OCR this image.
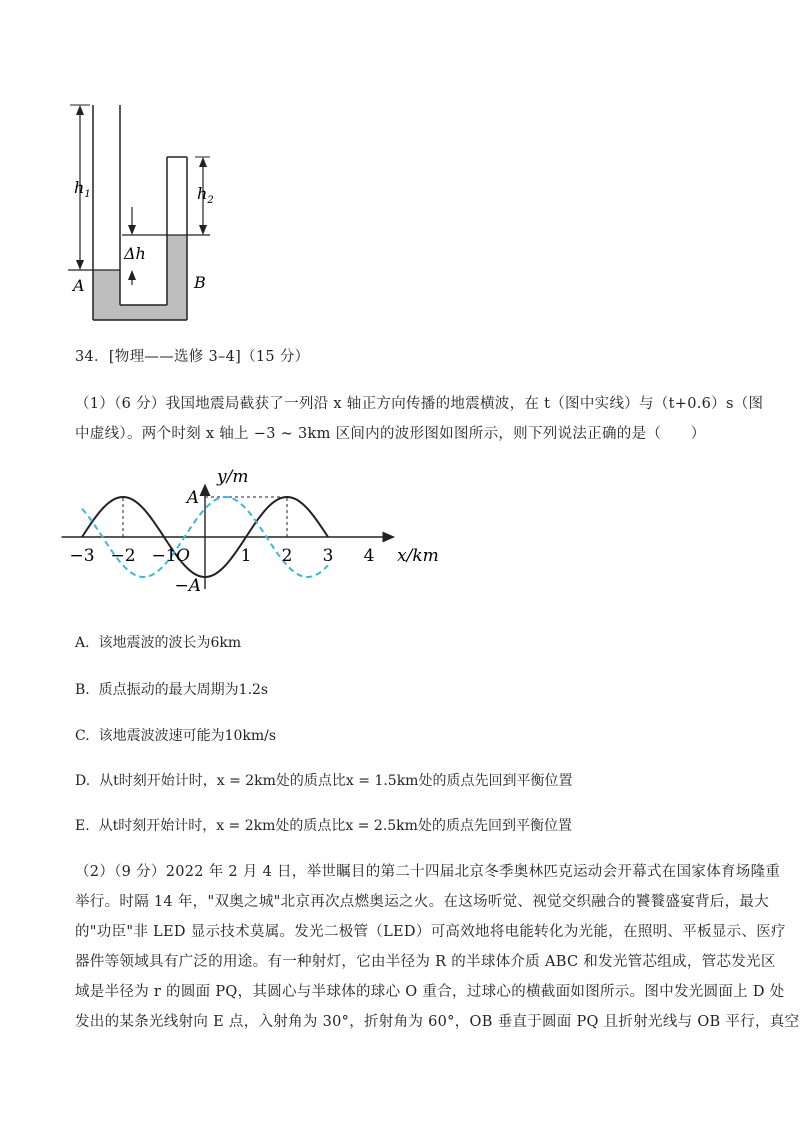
$h_1$	$h_2$
Δh
A	B
34．[物理——选修 3–4]（15 分）
（1）（6 分）我国地震局截获了一列沿 x 轴正方向传播的地震横波，在 t（图中实线）与（t+0.6）s（图
中虚线）。两个时刻 x 轴上 −3 ~ 3km 区间内的波形图如图所示，则下列说法正确的是（　　）
−3 −2 −1 O	1 2 3 4 x/km
y/m
A
−A
A. 该地震波的波长为6km
B. 质点振动的最大周期为1.2s
C. 该地震波波速可能为10km/s
D. 从t时刻开始计时，x = 2km处的质点比x = 1.5km处的质点先回到平衡位置
E. 从t时刻开始计时，x = 2km处的质点比x = 2.5km处的质点先回到平衡位置
（2）（9 分）2022 年 2 月 4 日，举世瞩目的第二十四届北京冬季奥林匹克运动会开幕式在国家体育场隆重
举行。时隔 14 年，"双奥之城"北京再次点燃奥运之火。在这场听觉、视觉交织融合的饕餮盛宴背后，最大
的"功臣"非 LED 显示技术莫属。发光二极管（LED）可高效地将电能转化为光能，在照明、平板显示、医疗
器件等领域具有广泛的用途。有一种射灯，它由半径为 R 的半球体介质 ABC 和发光管芯组成，管芯发光区
域是半径为 r 的圆面 PQ，其圆心与半球体的球心 O 重合，过球心的横截面如图所示。图中发光圆面上 D 处
发出的某条光线射向 E 点，入射角为 30°，折射角为 60°，OB 垂直于圆面 PQ 且折射光线与 OB 平行，真空
